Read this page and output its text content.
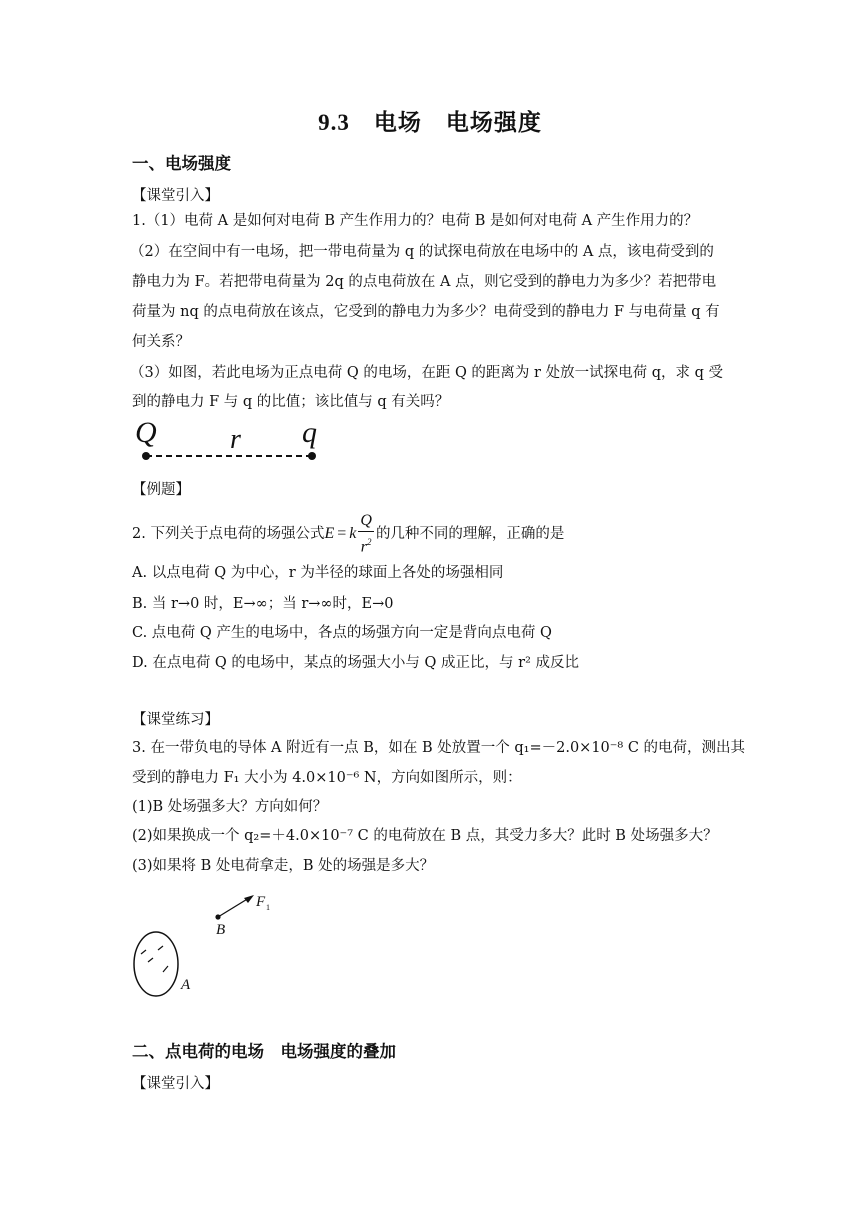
9.3　电场　电场强度
一、电场强度
【课堂引入】
1.（1）电荷 A 是如何对电荷 B 产生作用力的？电荷 B 是如何对电荷 A 产生作用力的？
（2）在空间中有一电场，把一带电荷量为 q 的试探电荷放在电场中的 A 点，该电荷受到的
静电力为 F。若把带电荷量为 2q 的点电荷放在 A 点，则它受到的静电力为多少？若把带电
荷量为 nq 的点电荷放在该点，它受到的静电力为多少？电荷受到的静电力 F 与电荷量 q 有
何关系？
（3）如图，若此电场为正点电荷 Q 的电场，在距 Q 的距离为 r 处放一试探电荷 q，求 q 受
到的静电力 F 与 q 的比值；该比值与 q 有关吗？
Q	r q
【例题】
2. 下列关于点电荷的场强公式 E = k $\frac{Q}{r^2}$ 的几种不同的理解，正确的是
A. 以点电荷 Q 为中心，r 为半径的球面上各处的场强相同
B. 当 r→0 时，E→∞；当 r→∞时，E→0
C. 点电荷 Q 产生的电场中，各点的场强方向一定是背向点电荷 Q
D. 在点电荷 Q 的电场中，某点的场强大小与 Q 成正比，与 r² 成反比
【课堂练习】
3. 在一带负电的导体 A 附近有一点 B，如在 B 处放置一个 q₁=－2.0×10⁻⁸ C 的电荷，测出其
受到的静电力 F₁ 大小为 4.0×10⁻⁶ N，方向如图所示，则：
(1)B 处场强多大？方向如何？
(2)如果换成一个 q₂=＋4.0×10⁻⁷ C 的电荷放在 B 点，其受力多大？此时 B 处场强多大？
(3)如果将 B 处电荷拿走，B 处的场强是多大？
A
B
F 1
二、点电荷的电场　电场强度的叠加
【课堂引入】
